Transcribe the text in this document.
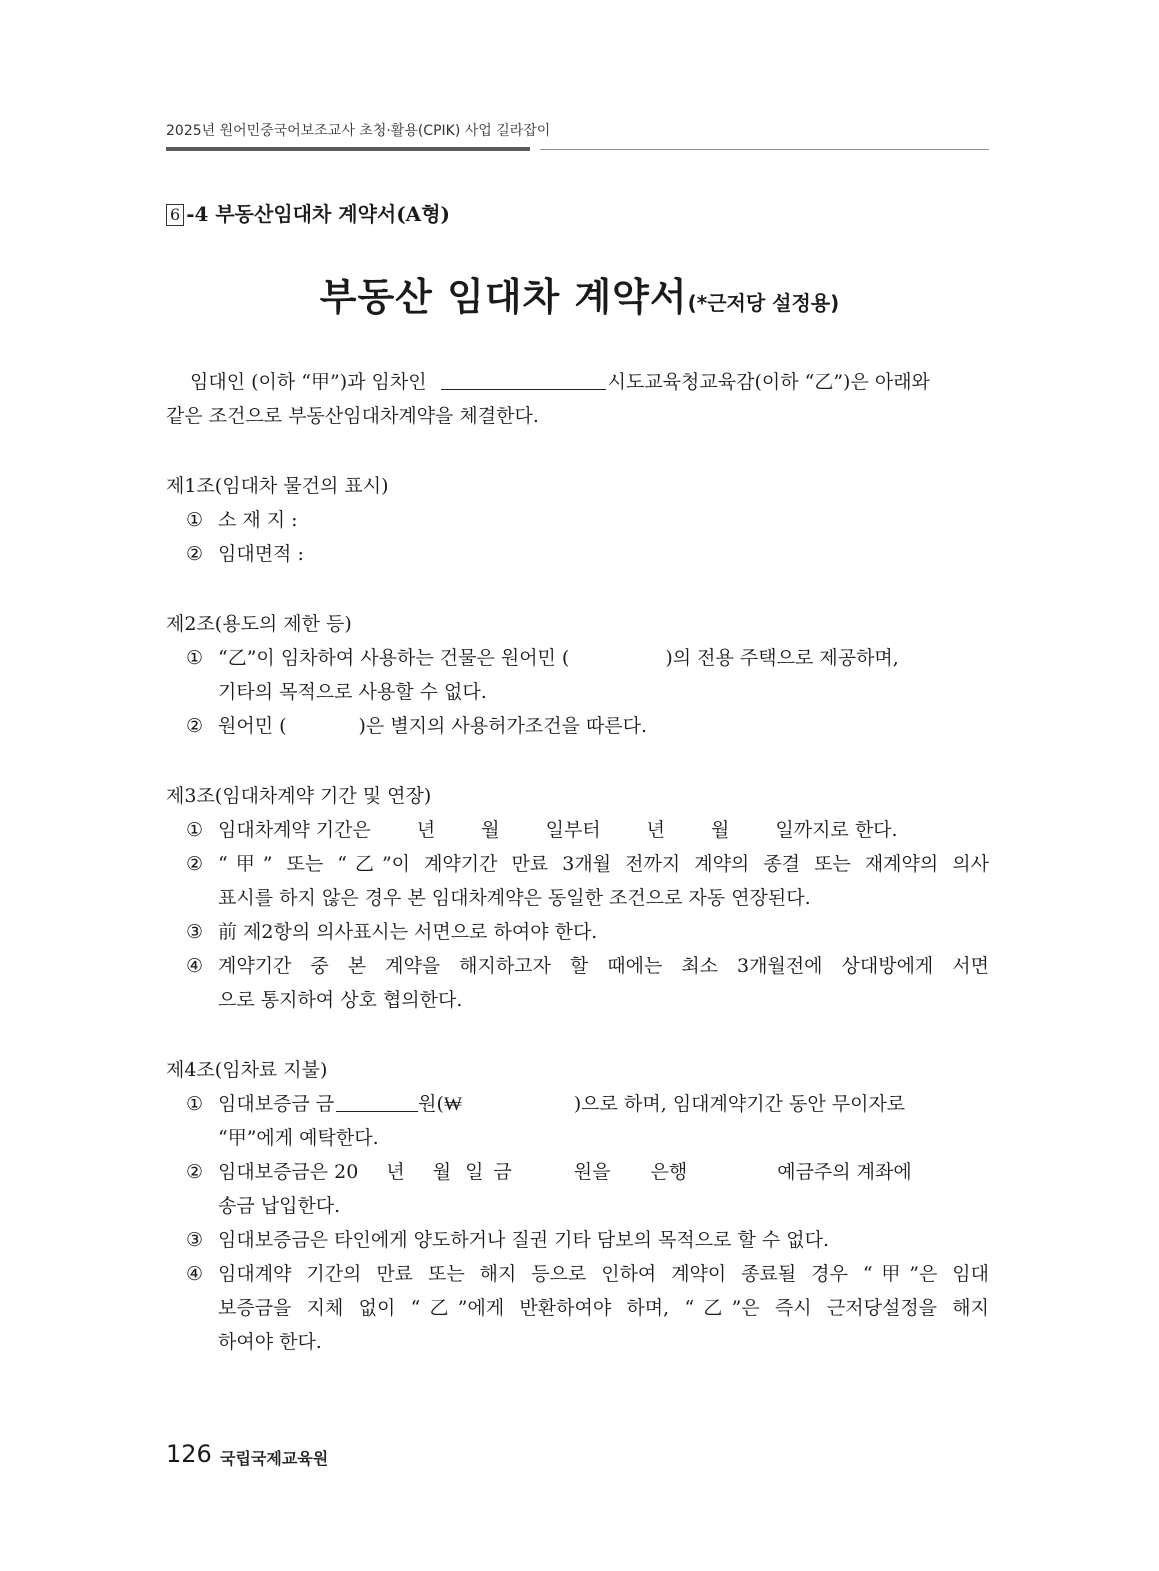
2025년 원어민중국어보조교사 초청·활용(CPIK) 사업 길라잡이
6 -4 부동산임대차 계약서(A형)
부동산 임대차 계약서(*근저당 설정용)
임대인 (이하 “甲”)과 임차인	시도교육청교육감(이하 “乙”)은 아래와
같은 조건으로 부동산임대차계약을 체결한다.
제1조(임대차 물건의 표시)
① 소 재 지 :
② 임대면적 :
제2조(용도의 제한 등)
① “乙”이 임차하여 사용하는 건물은 원어민 (	)의 전용 주택으로 제공하며,
기타의 목적으로 사용할 수 없다.
② 원어민 (	)은 별지의 사용허가조건을 따른다.
제3조(임대차계약 기간 및 연장)
① 임대차계약 기간은 년 월 일부터 년 월 일까지로 한다.
② “甲” 또는 “乙”이 계약기간 만료 3개월 전까지 계약의 종결 또는 재계약의 의사
표시를 하지 않은 경우 본 임대차계약은 동일한 조건으로 자동 연장된다.
③ 前 제2항의 의사표시는 서면으로 하여야 한다.
④ 계약기간 중 본 계약을 해지하고자 할 때에는 최소 3개월전에 상대방에게 서면
으로 통지하여 상호 협의한다.
제4조(임차료 지불)
① 임대보증금 금	원(₩	)으로 하며, 임대계약기간 동안 무이자로
“甲”에게 예탁한다.
② 임대보증금은 20 년 월 일 금	원을 은행	예금주의 계좌에
송금 납입한다.
③ 임대보증금은 타인에게 양도하거나 질권 기타 담보의 목적으로 할 수 없다.
④ 임대계약 기간의 만료 또는 해지 등으로 인하여 계약이 종료될 경우 “甲”은 임대
보증금을 지체 없이 “乙”에게 반환하여야 하며, “乙”은 즉시 근저당설정을 해지
하여야 한다.
126 국립국제교육원
